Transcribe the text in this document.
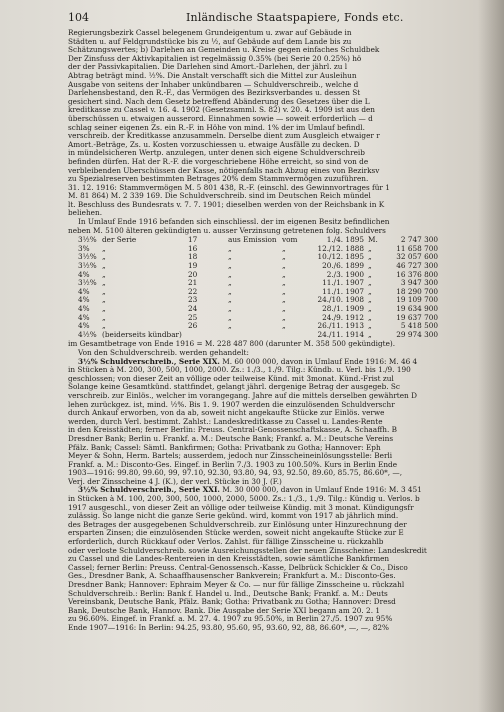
104	Inländische Staatspapiere, Fonds etc.
Regierungsbezirk Cassel belegenem Grundeigentum u. zwar auf Gebäude in
Städten u. auf Feldgrundstücke bis zu ½, auf Gebäude auf dem Lande bis zu
Schätzungswertes; b) Darlehen an Gemeinden u. Kreise gegen einfaches Schuldbek
Der Zinsfuss der Aktivkapitalien ist regelmässig 0.35% (bei Serie 20 0.25%) hö
der der Passivkapitalien. Die Darlehen sind Amort.-Darlehen, der jährl. zu l
Abtrag beträgt mind. ½%. Die Anstalt verschafft sich die Mittel zur Ausleihun
Ausgabe von seitens der Inhaber unkündbaren — Schuldverschreib., welche d
Darlehensbestand, den R.-F., das Vermögen des Bezirksverbandes u. dessen St
gesichert sind. Nach dem Gesetz betreffend Abänderung des Gesetzes über die L
kreditkasse zu Cassel v. 16. 4. 1902 (Gesetzsamml. S. 82) v. 20. 4. 1909 ist aus den
überschüssen u. etwaigen ausserord. Einnahmen sowie — soweit erforderlich — d
schlag seiner eigenen Zs. ein R.-F. in Höhe von mind. 1% der im Umlauf befindl.
verschreib. der Kreditkasse anzusammeln. Derselbe dient zum Ausgleich etwaiger r
Amort.-Beträge, Zs. u. Kosten vorzuschiessen u. etwaige Ausfälle zu decken. D
in mündelsicheren Wertp. anzulegen, unter denen sich eigene Schuldverschreib
befinden dürfen. Hat der R.-F. die vorgeschriebene Höhe erreicht, so sind von de
verbleibenden Überschüssen der Kasse, nötigenfalls nach Abzug eines von Bezirksv
zu Spezialreserven bestimmten Betrages 20% dem Stammvermögen zuzuführen.
31. 12. 1916: Stammvermögen M. 5 801 438, R.-F. (einschl. des Gewinnvortrages für 1
M. 81 864) M. 2 339 169. Die Schuldverschreib. sind im Deutschen Reich mündel
lt. Beschluss des Bundesrats v. 7. 7. 1901; dieselben werden von der Reichsbank in K
beliehen.
In Umlauf Ende 1916 befanden sich einschliessl. der im eigenen Besitz befindlichen
neben M. 5100 älteren gekündigten u. ausser Verzinsung getretenen folg. Schuldvers
3½% der Serie	17	aus Emission vom	1./4. 1895 M.	2 747 300
3% „	16	„	„	12./12. 1888 „	11 658 700
3½% „	18	„	„	10./12. 1895 „	32 057 600
3½% „	19	„	„	20./6. 1899 „	46 727 300
4% „	20	„	„	2./3. 1900 „	16 376 800
3½% „	21	„	„	11./1. 1907 „	3 947 300
4% „	22	„	„	11./1. 1907 „	18 290 700
4% „	23	„	„	24./10. 1908 „	19 109 700
4% „	24	„	„	28./1. 1909 „	19 634 900
4% „	25	„	„	24./9. 1912 „	19 637 700
4% „	26	„	„	26./11. 1913 „	5 418 500
4½% (beiderseits kündbar)	24./11. 1914 „	29 974 300
im Gesamtbetrage von Ende 1916 = M. 228 487 800 (darunter M. 358 500 gekündigte).
Von den Schuldverschreib. werden gehandelt:
3½% Schuldverschreib., Serie XIX. M. 60 000 000, davon in Umlauf Ende 1916: M. 46 4
in Stücken à M. 200, 300, 500, 1000, 2000. Zs.: 1./3., 1./9. Tilg.: Kündb. u. Verl. bis 1./9. 190
geschlossen; von dieser Zeit an völlige oder teilweise Künd. mit 3monat. Künd.-Frist zul
Solange keine Gesamtkünd. stattfindet, gelangt jährl. dergenige Betrag der ausgegeb. Sc
verschreib. zur Einlös., welcher im vorangegang. Jahre auf die mittels derselben gewährten D
lehen zurückgez. ist, mind. ½%. Bis 1. 9. 1907 werden die einzulösenden Schuldverschr
durch Ankauf erworben, von da ab, soweit nicht angekaufte Stücke zur Einlös. verwe
werden, durch Verl. bestimmt. Zahlst.: Landeskreditkasse zu Cassel u. Landes-Rente
in den Kreisstädten; ferner Berlin: Preuss. Central-Genossenschaftskasse, A. Schaaffh. B
Dresdner Bank; Berlin u. Frankf. a. M.: Deutsche Bank; Frankf. a. M.: Deutsche Vereins
Pfälz. Bank; Cassel: Sämtl. Bankfirmen; Gotha: Privatbank zu Gotha; Hannover: Eph
Meyer & Sohn, Herm. Bartels; ausserdem, jedoch nur Zinsscheineinlösungsstelle: Berli
Frankf. a. M.: Disconto-Ges. Eingef. in Berlin 7./3. 1903 zu 100.50%. Kurs in Berlin Ende
1903—1916: 99.80, 99.60, 99, 97.10, 92.30, 93.80, 94, 93, 92.50, 89.60, 85.75, 86.60*, —,
Verj. der Zinsscheine 4 J. (K.), der verl. Stücke in 30 J. (F.)
3½% Schuldverschreib., Serie XXI. M. 30 000 000, davon in Umlauf Ende 1916: M. 3 451
in Stücken à M. 100, 200, 300, 500, 1000, 2000, 5000. Zs.: 1./3., 1./9. Tilg.: Kündig u. Verlos. b
1917 ausgeschl., von dieser Zeit an völlige oder teilweise Kündig. mit 3 monat. Kündigungsfr
zulässig. So lange nicht die ganze Serie gekünd. wird, kommt von 1917 ab jährlich mind.
des Betrages der ausgegebenen Schuldverschreib. zur Einlösung unter Hinzurechnung der
ersparten Zinsen; die einzulösenden Stücke werden, soweit nicht angekaufte Stücke zur E
erforderlich, durch Rückkauf oder Verlos. Zahlst. für fällige Zinsscheine u. rückzahlb
oder verloste Schuldverschreib. sowie Ausreichungsstellen der neuen Zinsscheine: Landeskredit
zu Cassel und die Landes-Rentereien in den Kreisstädten, sowie sämtliche Bankfirmen
Cassel; ferner Berlin: Preuss. Central-Genossensch.-Kasse, Delbrück Schickler & Co., Disco
Ges., Dresdner Bank, A. Schaaffhausenscher Bankverein; Frankfurt a. M.: Disconto-Ges.
Dresdner Bank; Hannover: Ephraim Meyer & Co. — nur für fällige Zinsscheine u. rückzahl
Schuldverschreib.: Berlin: Bank f. Handel u. Ind., Deutsche Bank; Frankf. a. M.: Deuts
Vereinsbank, Deutsche Bank, Pfälz. Bank; Gotha: Privatbank zu Gotha; Hannover: Dresd
Bank, Deutsche Bank, Hannov. Bank. Die Ausgabe der Serie XXI begann am 20. 2. 1
zu 96.60%. Eingef. in Frankf. a. M. 27. 4. 1907 zu 95.50%, in Berlin 27./5. 1907 zu 95%
Ende 1907—1916: In Berlin: 94.25, 93.80, 95.60, 95, 93.60, 92, 88, 86.60*, —, —, 82%
